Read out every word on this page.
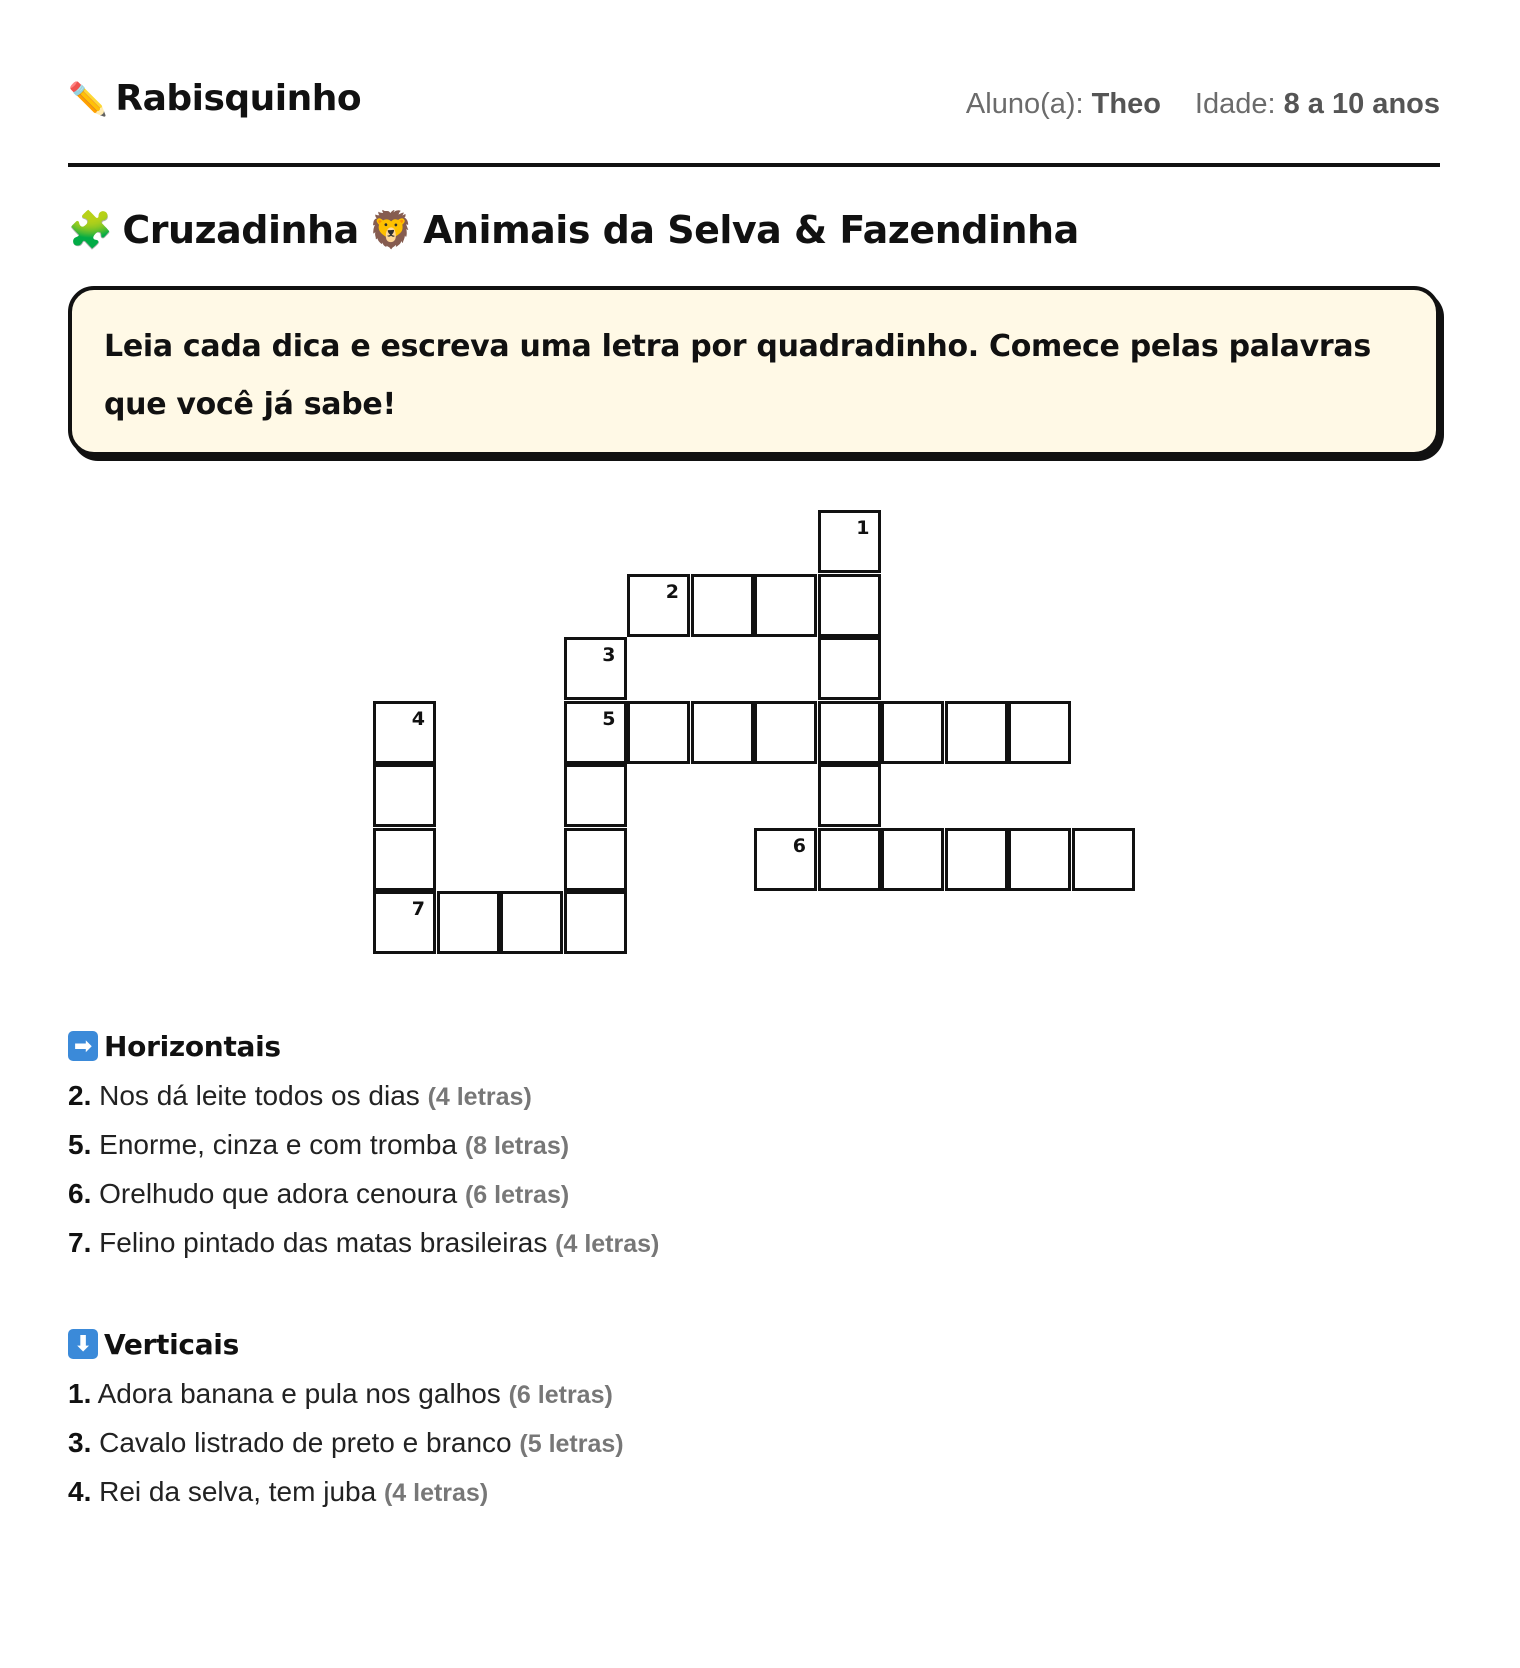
✏️ Rabisquinho	Aluno(a): Theo Idade: 8 a 10 anos
🧩 Cruzadinha 🦁 Animais da Selva & Fazendinha
Leia cada dica e escreva uma letra por quadradinho. Comece pelas palavras que você já sabe!
1
2
3
5
4
7
6
➡ Horizontais
2. Nos dá leite todos os dias (4 letras)
5. Enorme, cinza e com tromba (8 letras)
6. Orelhudo que adora cenoura (6 letras)
7. Felino pintado das matas brasileiras (4 letras)
⬇ Verticais
1. Adora banana e pula nos galhos (6 letras)
3. Cavalo listrado de preto e branco (5 letras)
4. Rei da selva, tem juba (4 letras)
